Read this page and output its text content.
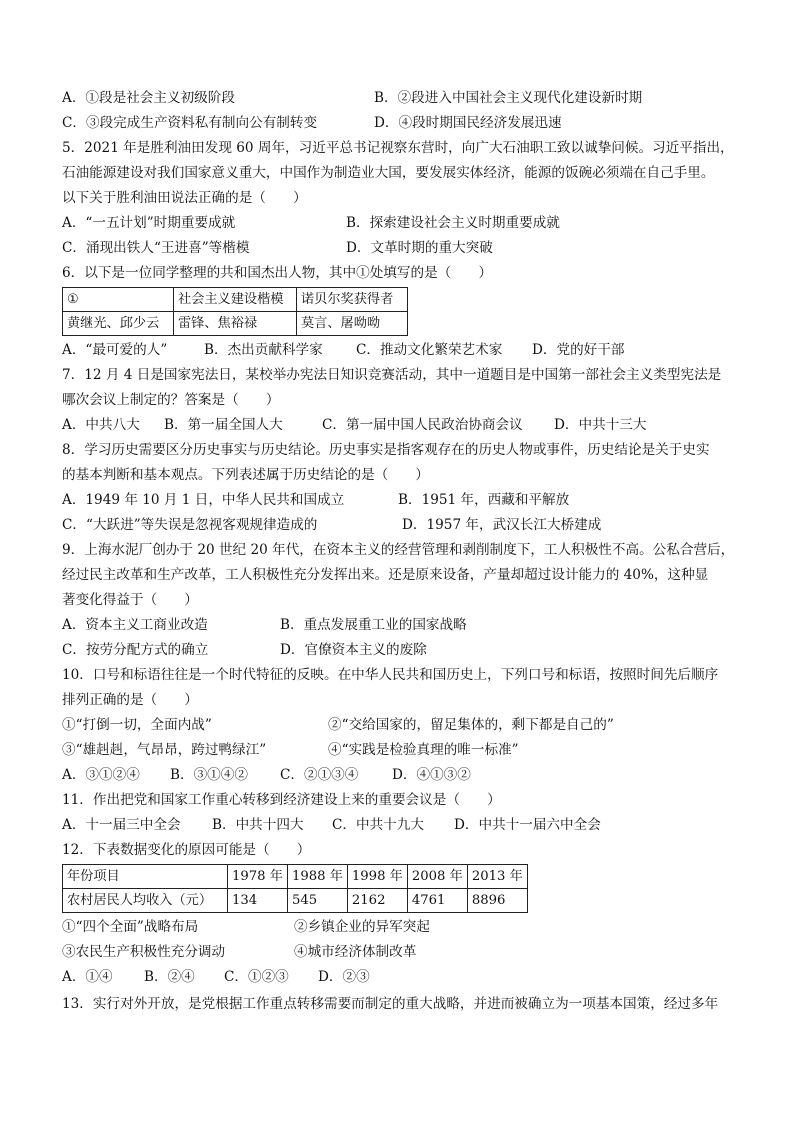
A．①段是社会主义初级阶段	B．②段进入中国社会主义现代化建设新时期
C．③段完成生产资料私有制向公有制转变	D．④段时期国民经济发展迅速
5．2021 年是胜利油田发现 60 周年，习近平总书记视察东营时，向广大石油职工致以诚挚问候。习近平指出，
石油能源建设对我们国家意义重大，中国作为制造业大国，要发展实体经济，能源的饭碗必须端在自己手里。
以下关于胜利油田说法正确的是（　　）
A．“一五计划”时期重要成就	B．探索建设社会主义时期重要成就
C．涌现出铁人“王进喜”等楷模	D．文革时期的重大突破
6．以下是一位同学整理的共和国杰出人物，其中①处填写的是（　　）
①	社会主义建设楷模	诺贝尔奖获得者
黄继光、邱少云	雷锋、焦裕禄	莫言、屠呦呦
A．“最可爱的人”	B．杰出贡献科学家 C．推动文化繁荣艺术家 D．党的好干部
7．12 月 4 日是国家宪法日，某校举办宪法日知识竞赛活动，其中一道题目是中国第一部社会主义类型宪法是
哪次会议上制定的？答案是（　　）
A．中共八大 B．第一届全国人大	C．第一届中国人民政治协商会议 D．中共十三大
8．学习历史需要区分历史事实与历史结论。历史事实是指客观存在的历史人物或事件，历史结论是关于史实
的基本判断和基本观点。下列表述属于历史结论的是（　　）
A．1949 年 10 月 1 日，中华人民共和国成立	B．1951 年，西藏和平解放
C．“大跃进”等失误是忽视客观规律造成的	D．1957 年，武汉长江大桥建成
9．上海水泥厂创办于 20 世纪 20 年代，在资本主义的经营管理和剥削制度下，工人积极性不高。公私合营后，
经过民主改革和生产改革，工人积极性充分发挥出来。还是原来设备，产量却超过设计能力的 40%，这种显
著变化得益于（　　）
A．资本主义工商业改造	B．重点发展重工业的国家战略
C．按劳分配方式的确立	D．官僚资本主义的废除
10．口号和标语往往是一个时代特征的反映。在中华人民共和国历史上，下列口号和标语，按照时间先后顺序
排列正确的是（　　）
①“打倒一切，全面内战”	②“交给国家的，留足集体的，剩下都是自己的”
③“雄赳赳，气昂昂，跨过鸭绿江”	④“实践是检验真理的唯一标准”
A．③①②④ B．③①④② C．②①③④ D．④①③②
11．作出把党和国家工作重心转移到经济建设上来的重要会议是（　　）
A．十一届三中全会 B．中共十四大 C．中共十九大 D．中共十一届六中全会
12．下表数据变化的原因可能是（　　）
年份项目	1978 年	1988 年	1998 年	2008 年	2013 年
农村居民人均收入（元）	134	545	2162	4761	8896
①“四个全面”战略布局	②乡镇企业的异军突起
③农民生产积极性充分调动	④城市经济体制改革
A．①④ B．②④ C．①②③ D．②③
13．实行对外开放，是党根据工作重点转移需要而制定的重大战略，并进而被确立为一项基本国策，经过多年
